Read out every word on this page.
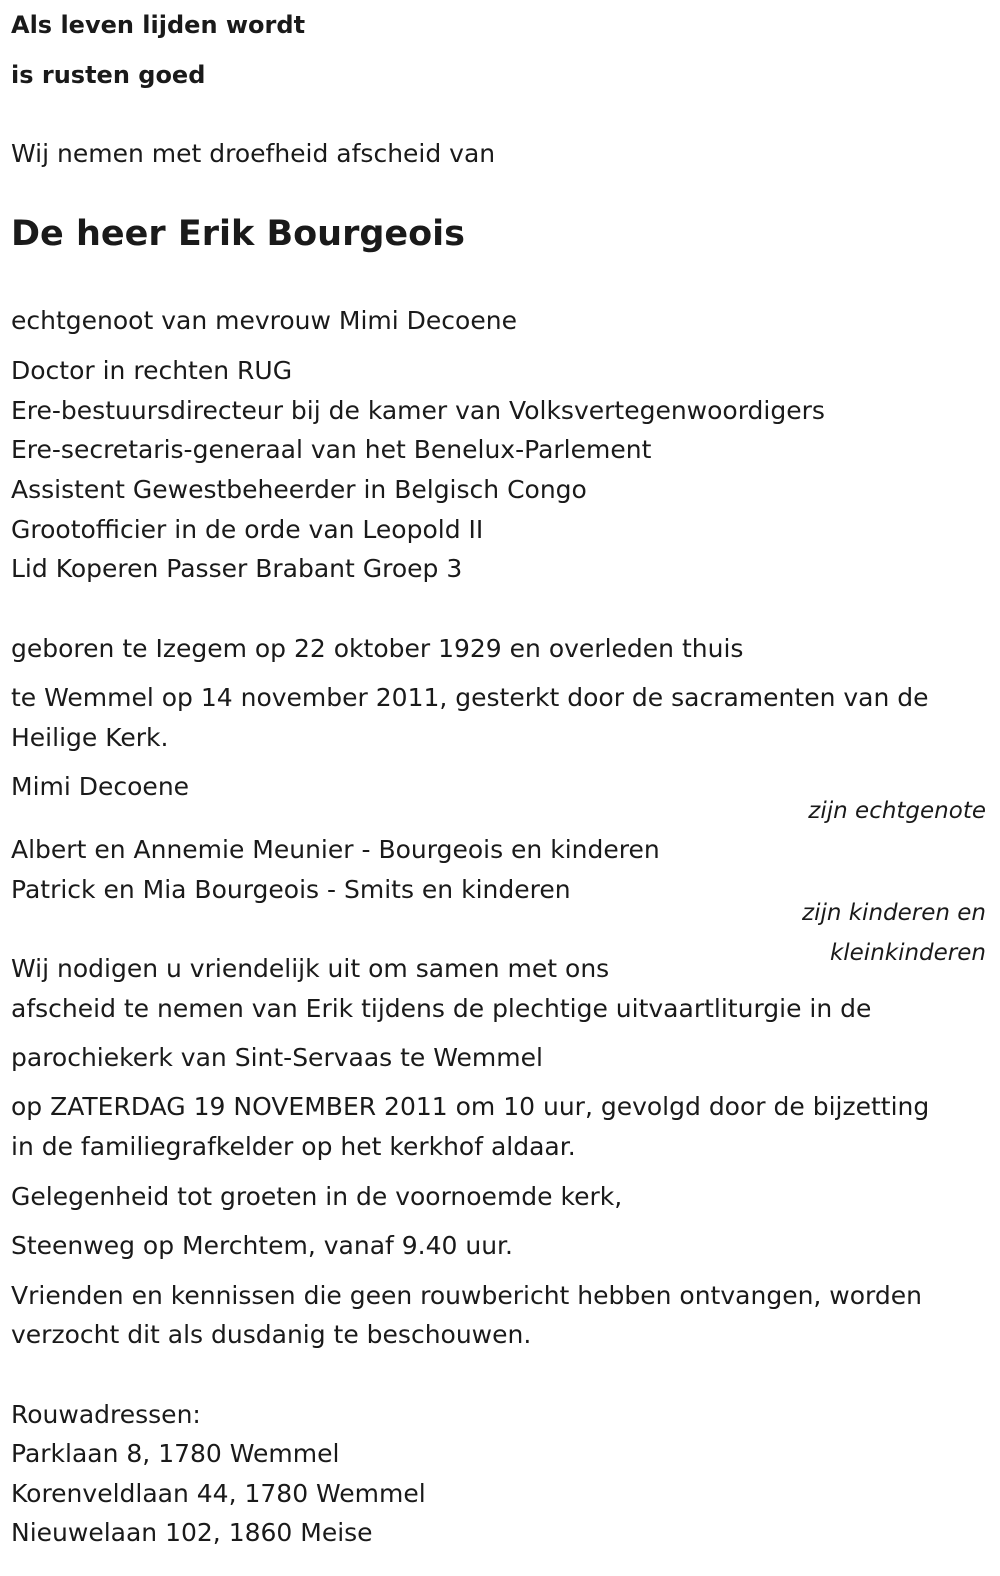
Als leven lijden wordt
is rusten goed
Wij nemen met droefheid afscheid van
De heer Erik Bourgeois
echtgenoot van mevrouw Mimi Decoene
Doctor in rechten RUG
Ere-bestuursdirecteur bij de kamer van Volksvertegenwoordigers
Ere-secretaris-generaal van het Benelux-Parlement
Assistent Gewestbeheerder in Belgisch Congo
Grootofficier in de orde van Leopold II
Lid Koperen Passer Brabant Groep 3
geboren te Izegem op 22 oktober 1929 en overleden thuis
te Wemmel op 14 november 2011, gesterkt door de sacramenten van de
Heilige Kerk.
Mimi Decoene
zijn echtgenote
Albert en Annemie Meunier - Bourgeois en kinderen
Patrick en Mia Bourgeois - Smits en kinderen
zijn kinderen en
kleinkinderen
Wij nodigen u vriendelijk uit om samen met ons
afscheid te nemen van Erik tijdens de plechtige uitvaartliturgie in de
parochiekerk van Sint-Servaas te Wemmel
op ZATERDAG 19 NOVEMBER 2011 om 10 uur, gevolgd door de bijzetting
in de familiegrafkelder op het kerkhof aldaar.
Gelegenheid tot groeten in de voornoemde kerk,
Steenweg op Merchtem, vanaf 9.40 uur.
Vrienden en kennissen die geen rouwbericht hebben ontvangen, worden
verzocht dit als dusdanig te beschouwen.
Rouwadressen:
Parklaan 8, 1780 Wemmel
Korenveldlaan 44, 1780 Wemmel
Nieuwelaan 102, 1860 Meise
